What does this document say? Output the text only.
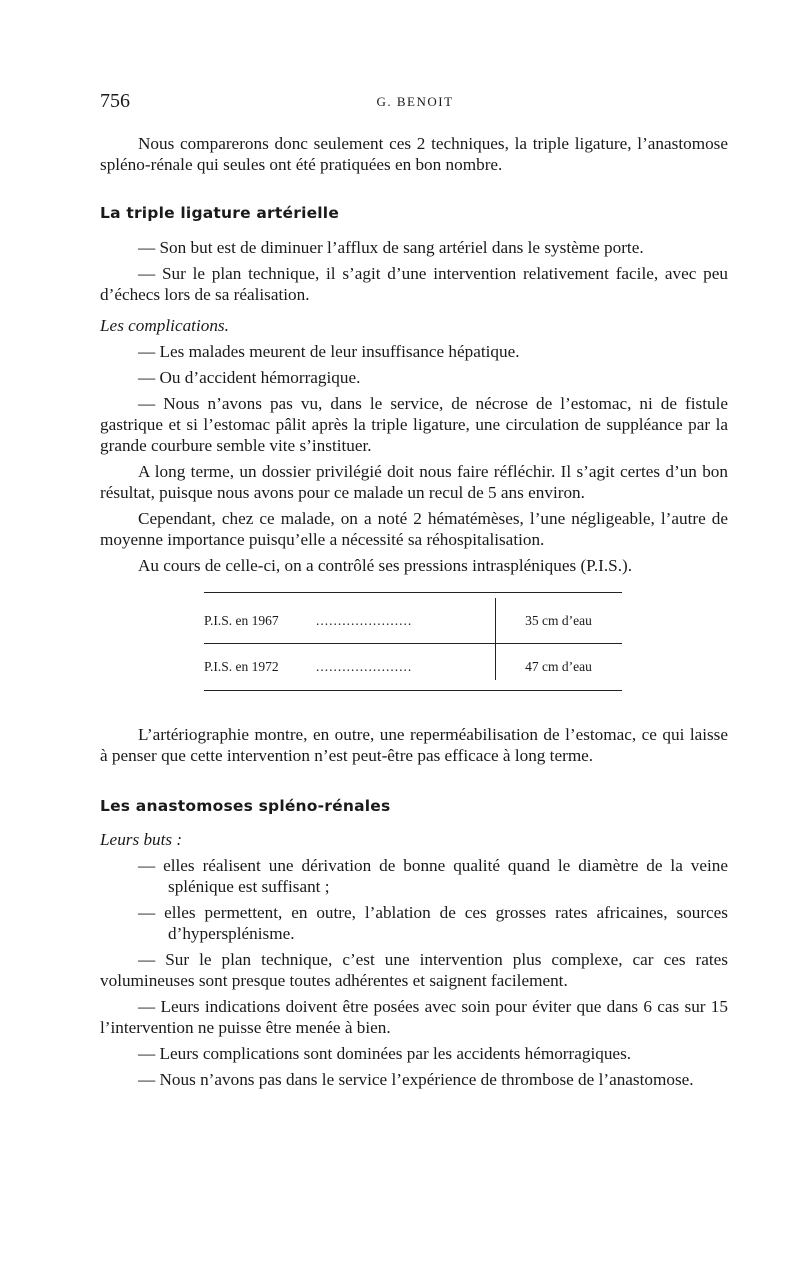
756	G. BENOIT

Nous comparerons donc seulement ces 2 techniques, la triple ligature, l’anastomose spléno-rénale qui seules ont été pratiquées en bon nombre.

La triple ligature artérielle

— Son but est de diminuer l’afflux de sang artériel dans le système porte.

— Sur le plan technique, il s’agit d’une intervention relativement facile, avec peu d’échecs lors de sa réalisation.

Les complications.

— Les malades meurent de leur insuffisance hépatique.

— Ou d’accident hémorragique.

— Nous n’avons pas vu, dans le service, de nécrose de l’estomac, ni de fistule gastrique et si l’estomac pâlit après la triple ligature, une circulation de suppléance par la grande courbure semble vite s’instituer.

A long terme, un dossier privilégié doit nous faire réfléchir. Il s’agit certes d’un bon résultat, puisque nous avons pour ce malade un recul de 5 ans environ.

Cependant, chez ce malade, on a noté 2 hématémèses, l’une négligeable, l’autre de moyenne importance puisqu’elle a nécessité sa réhospitalisation.

Au cours de celle-ci, on a contrôlé ses pressions intraspléniques (P.I.S.).

P.I.S. en 1967	......................	35 cm d’eau
P.I.S. en 1972	......................	47 cm d’eau

L’artériographie montre, en outre, une reperméabilisation de l’estomac, ce qui laisse à penser que cette intervention n’est peut-être pas efficace à long terme.

Les anastomoses spléno-rénales

Leurs buts :

— elles réalisent une dérivation de bonne qualité quand le diamètre de la veine splénique est suffisant ;

— elles permettent, en outre, l’ablation de ces grosses rates africaines, sources d’hypersplénisme.

— Sur le plan technique, c’est une intervention plus complexe, car ces rates volumineuses sont presque toutes adhérentes et saignent facilement.

— Leurs indications doivent être posées avec soin pour éviter que dans 6 cas sur 15 l’intervention ne puisse être menée à bien.

— Leurs complications sont dominées par les accidents hémorragiques.

— Nous n’avons pas dans le service l’expérience de thrombose de l’anastomose.
